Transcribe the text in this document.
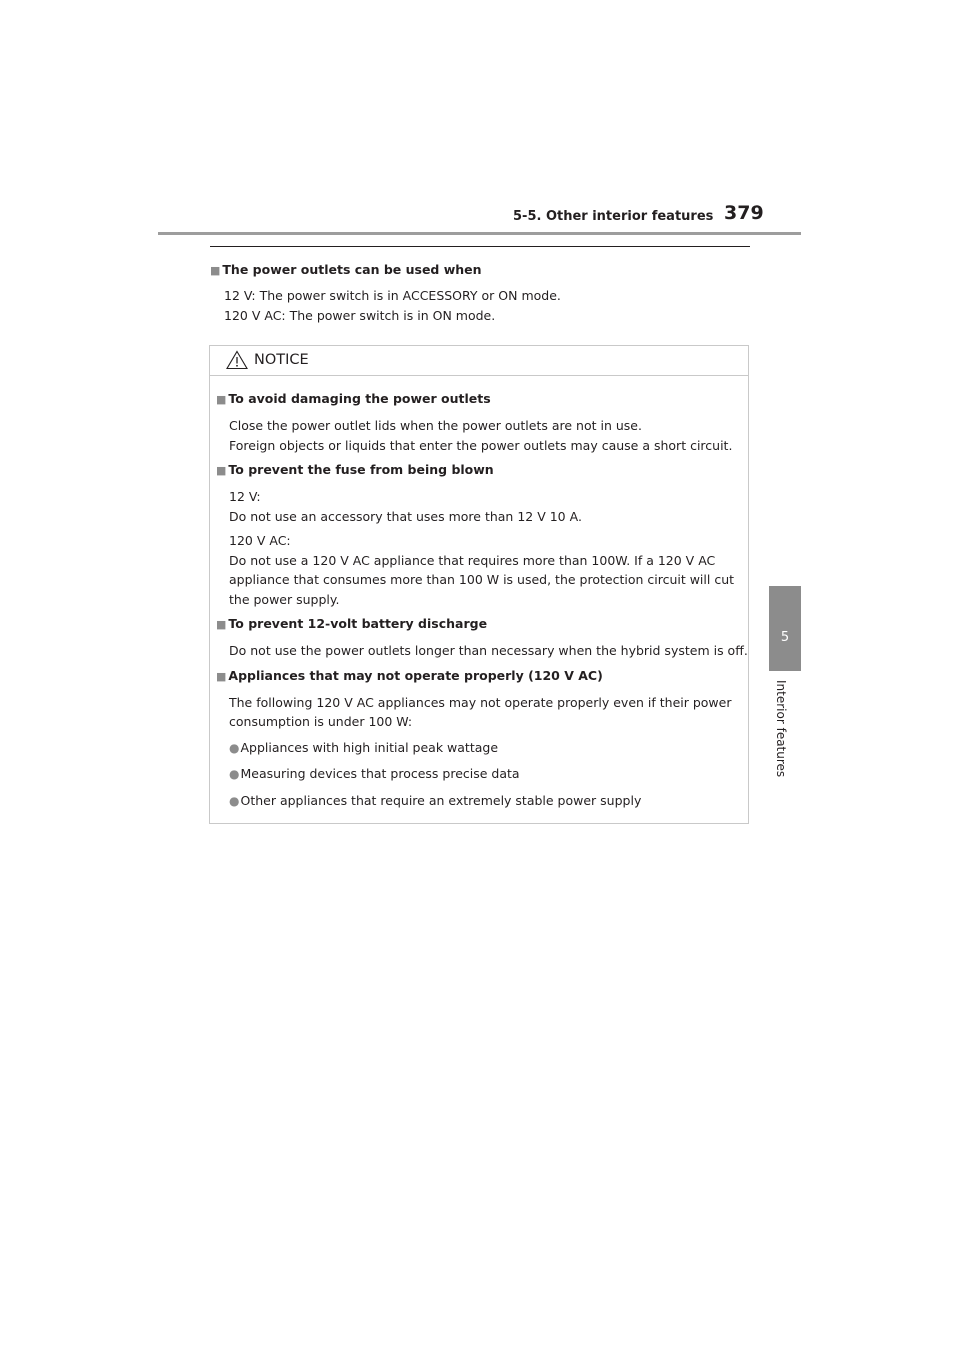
5-5. Other interior features 379
5
Interior features
■ The power outlets can be used when
12 V: The power switch is in ACCESSORY or ON mode.
120 V AC: The power switch is in ON mode.
NOTICE
■ To avoid damaging the power outlets
Close the power outlet lids when the power outlets are not in use.
Foreign objects or liquids that enter the power outlets may cause a short circuit.
■ To prevent the fuse from being blown
12 V:
Do not use an accessory that uses more than 12 V 10 A.
120 V AC:
Do not use a 120 V AC appliance that requires more than 100W. If a 120 V AC
appliance that consumes more than 100 W is used, the protection circuit will cut
the power supply.
■ To prevent 12-volt battery discharge
Do not use the power outlets longer than necessary when the hybrid system is off.
■ Appliances that may not operate properly (120 V AC)
The following 120 V AC appliances may not operate properly even if their power
consumption is under 100 W:
●Appliances with high initial peak wattage
●Measuring devices that process precise data
●Other appliances that require an extremely stable power supply
